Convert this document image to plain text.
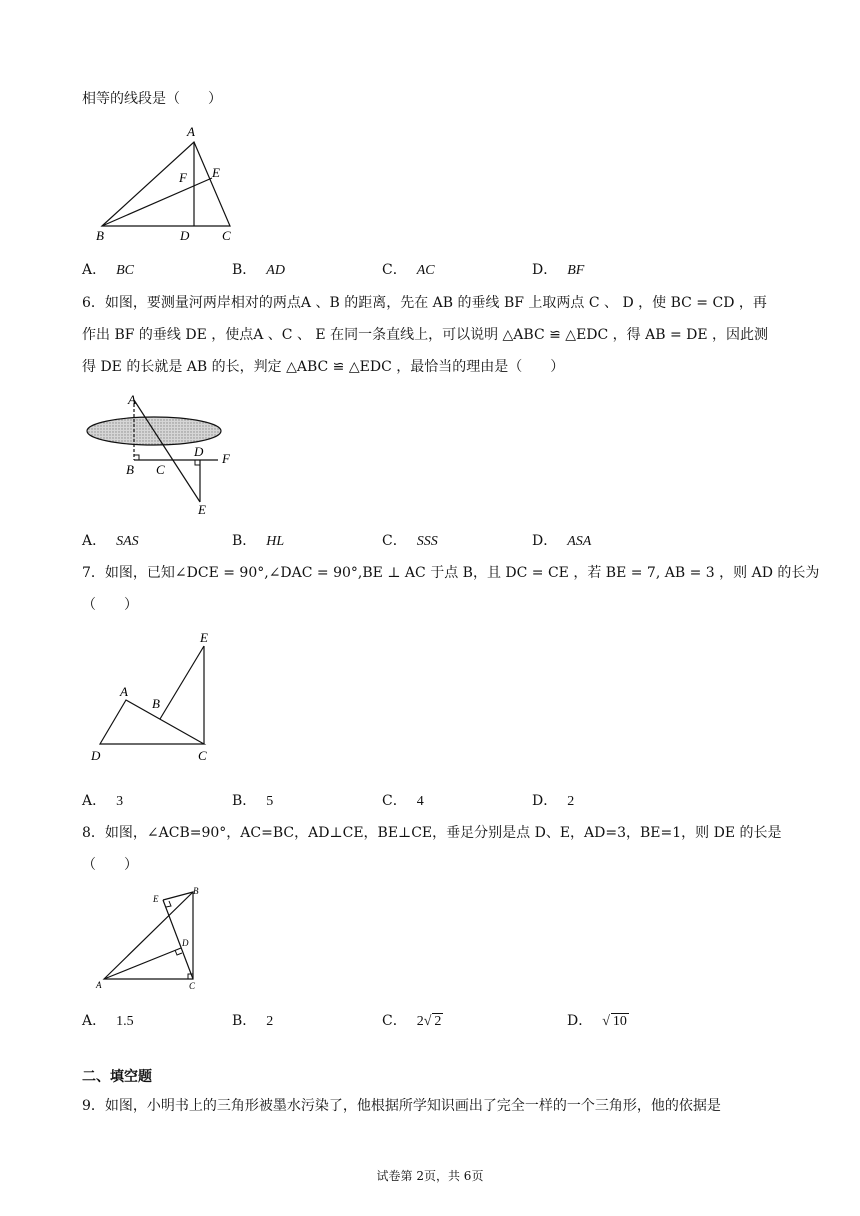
相等的线段是（　　）
A
E
F
B	D	C
A． BC	B． AD	C． AC	D． BF
6．如图，要测量河两岸相对的两点A 、B 的距离，先在 AB 的垂线 BF 上取两点 C 、 D ，使 BC = CD ，再
作出 BF 的垂线 DE ，使点A 、C 、 E 在同一条直线上，可以说明 △ABC ≌ △EDC ，得 AB = DE ，因此测
得 DE 的长就是 AB 的长，判定 △ABC ≌ △EDC ，最恰当的理由是（　　）
A
B C
D F
E
A． SAS	B． HL	C． SSS	D． ASA
7．如图，已知∠DCE = 90°,∠DAC = 90°,BE ⊥ AC 于点 B，且 DC = CE ，若 BE = 7, AB = 3 ，则 AD 的长为
（　　）
E
A
B
D	C
A． 3	B． 5	C． 4	D． 2
8．如图，∠ACB=90°，AC=BC，AD⊥CE，BE⊥CE，垂足分别是点 D、E，AD=3，BE=1，则 DE 的长是
（　　）
E
B
D
A	C
A． 1.5	B． 2	C． 2√ 2	D． √ 10
二、填空题
9．如图，小明书上的三角形被墨水污染了，他根据所学知识画出了完全一样的一个三角形，他的依据是
试卷第 2页，共 6页
